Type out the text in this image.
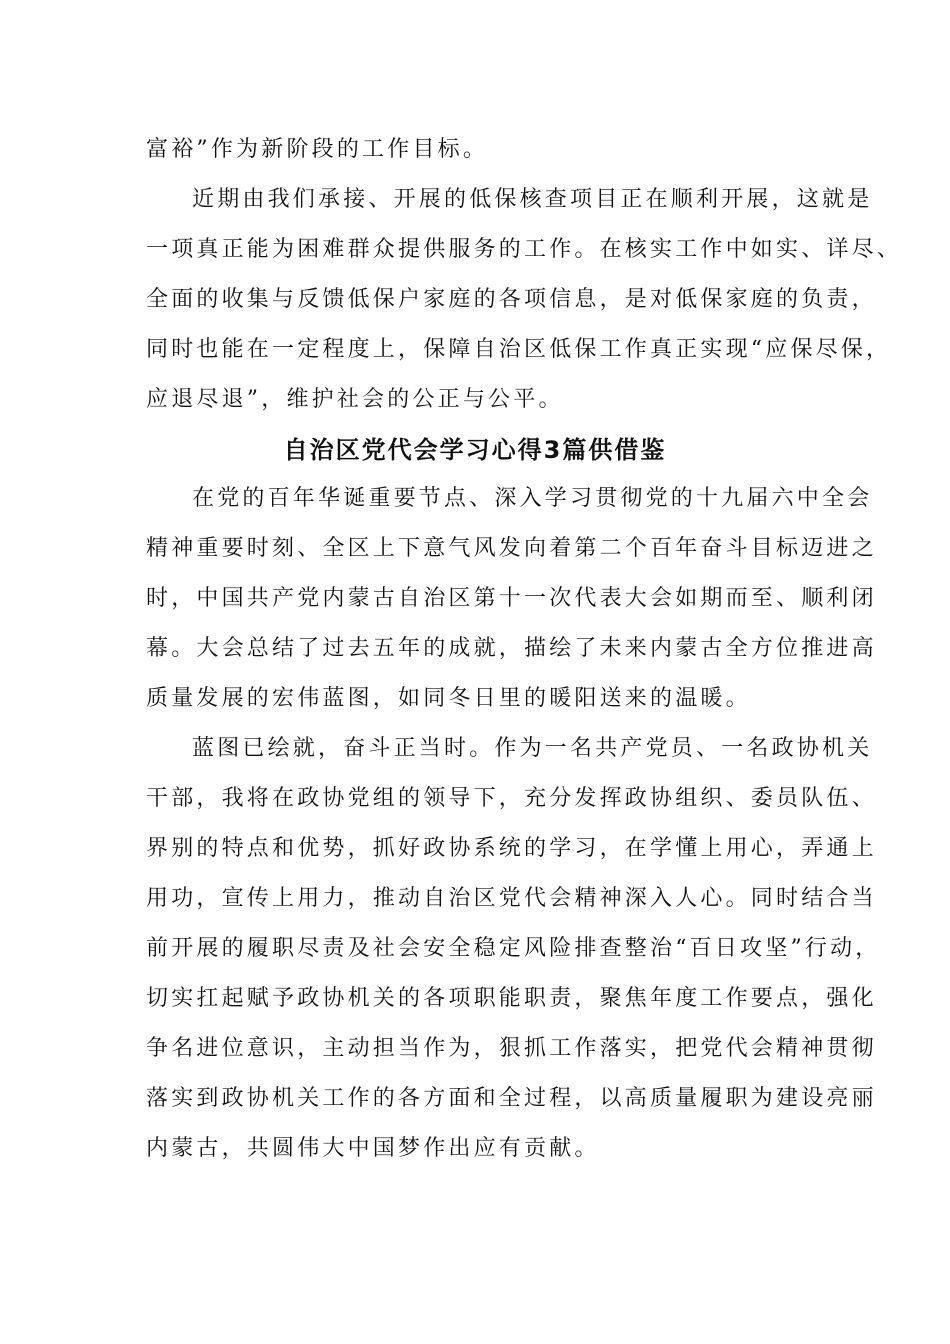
富裕”作为新阶段的工作目标。
近期由我们承接、开展的低保核查项目正在顺利开展，这就是
一项真正能为困难群众提供服务的工作。在核实工作中如实、详尽、
全面的收集与反馈低保户家庭的各项信息，是对低保家庭的负责，
同时也能在一定程度上，保障自治区低保工作真正实现“应保尽保，
应退尽退”，维护社会的公正与公平。
自治区党代会学习心得3篇供借鉴
在党的百年华诞重要节点、深入学习贯彻党的十九届六中全会
精神重要时刻、全区上下意气风发向着第二个百年奋斗目标迈进之
时，中国共产党内蒙古自治区第十一次代表大会如期而至、顺利闭
幕。大会总结了过去五年的成就，描绘了未来内蒙古全方位推进高
质量发展的宏伟蓝图，如同冬日里的暖阳送来的温暖。
蓝图已绘就，奋斗正当时。作为一名共产党员、一名政协机关
干部，我将在政协党组的领导下，充分发挥政协组织、委员队伍、
界别的特点和优势，抓好政协系统的学习，在学懂上用心，弄通上
用功，宣传上用力，推动自治区党代会精神深入人心。同时结合当
前开展的履职尽责及社会安全稳定风险排查整治“百日攻坚”行动，
切实扛起赋予政协机关的各项职能职责，聚焦年度工作要点，强化
争名进位意识，主动担当作为，狠抓工作落实，把党代会精神贯彻
落实到政协机关工作的各方面和全过程，以高质量履职为建设亮丽
内蒙古，共圆伟大中国梦作出应有贡献。
